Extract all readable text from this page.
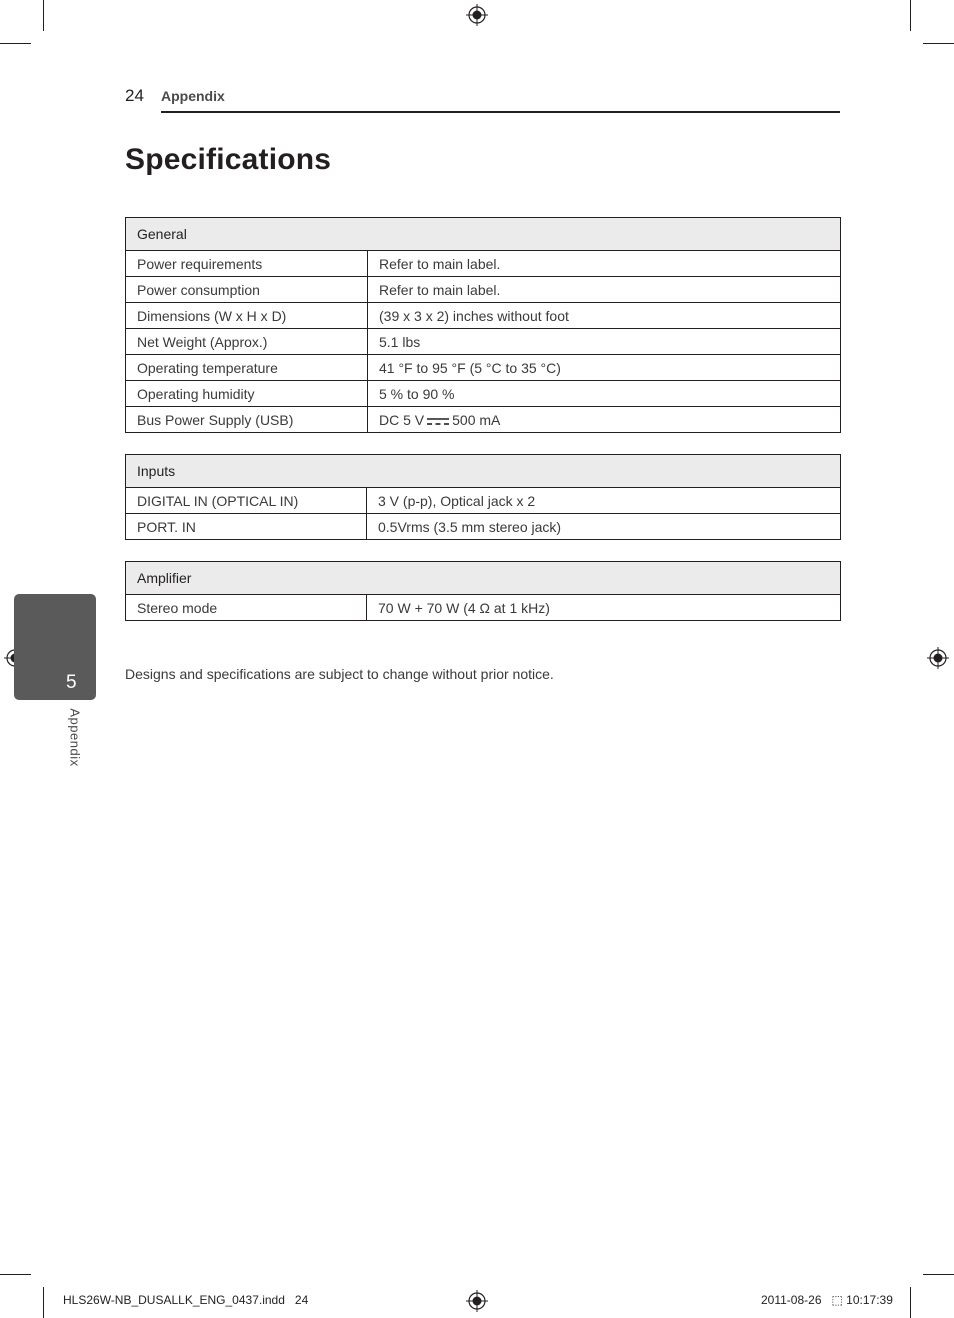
24 Appendix
Specifications
General	
Power requirements	Refer to main label.
Power consumption	Refer to main label.
Dimensions (W x H x D)	(39 x 3 x 2) inches without foot
Net Weight (Approx.)	5.1 lbs
Operating temperature	41 °F to 95 °F (5 °C to 35 °C)
Operating humidity	5 % to 90 %
Bus Power Supply (USB)	DC 5 V 500 mA
Inputs	
DIGITAL IN (OPTICAL IN)	3 V (p-p), Optical jack x 2
PORT. IN	0.5Vrms (3.5 mm stereo jack)
Amplifier
Stereo mode	70 W + 70 W (4 Ω at 1 kHz)
Designs and specifications are subject to change without prior notice.
5
Appendix
HLS26W-NB_DUSALLK_ENG_0437.indd   24	2011-08-26   ⬚ 10:17:39
